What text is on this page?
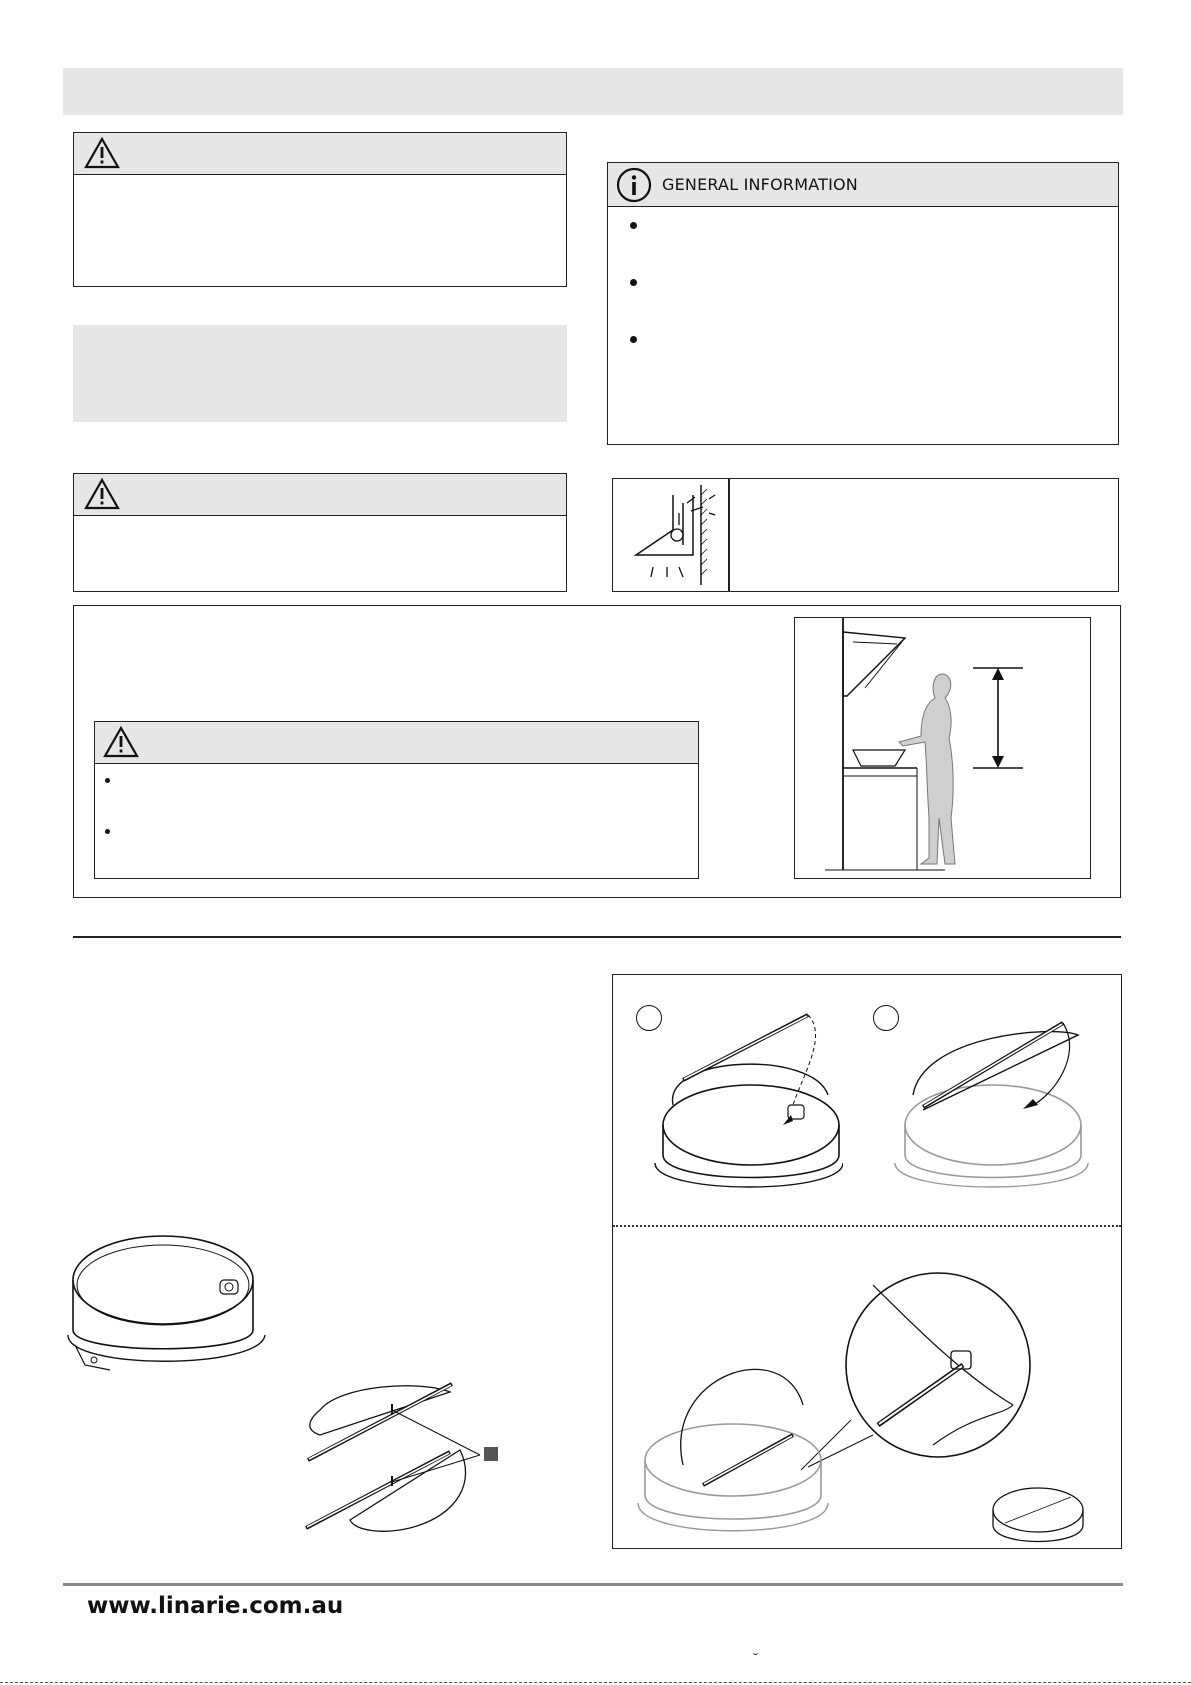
GENERAL INFORMATION
www.linarie.com.au
˘
